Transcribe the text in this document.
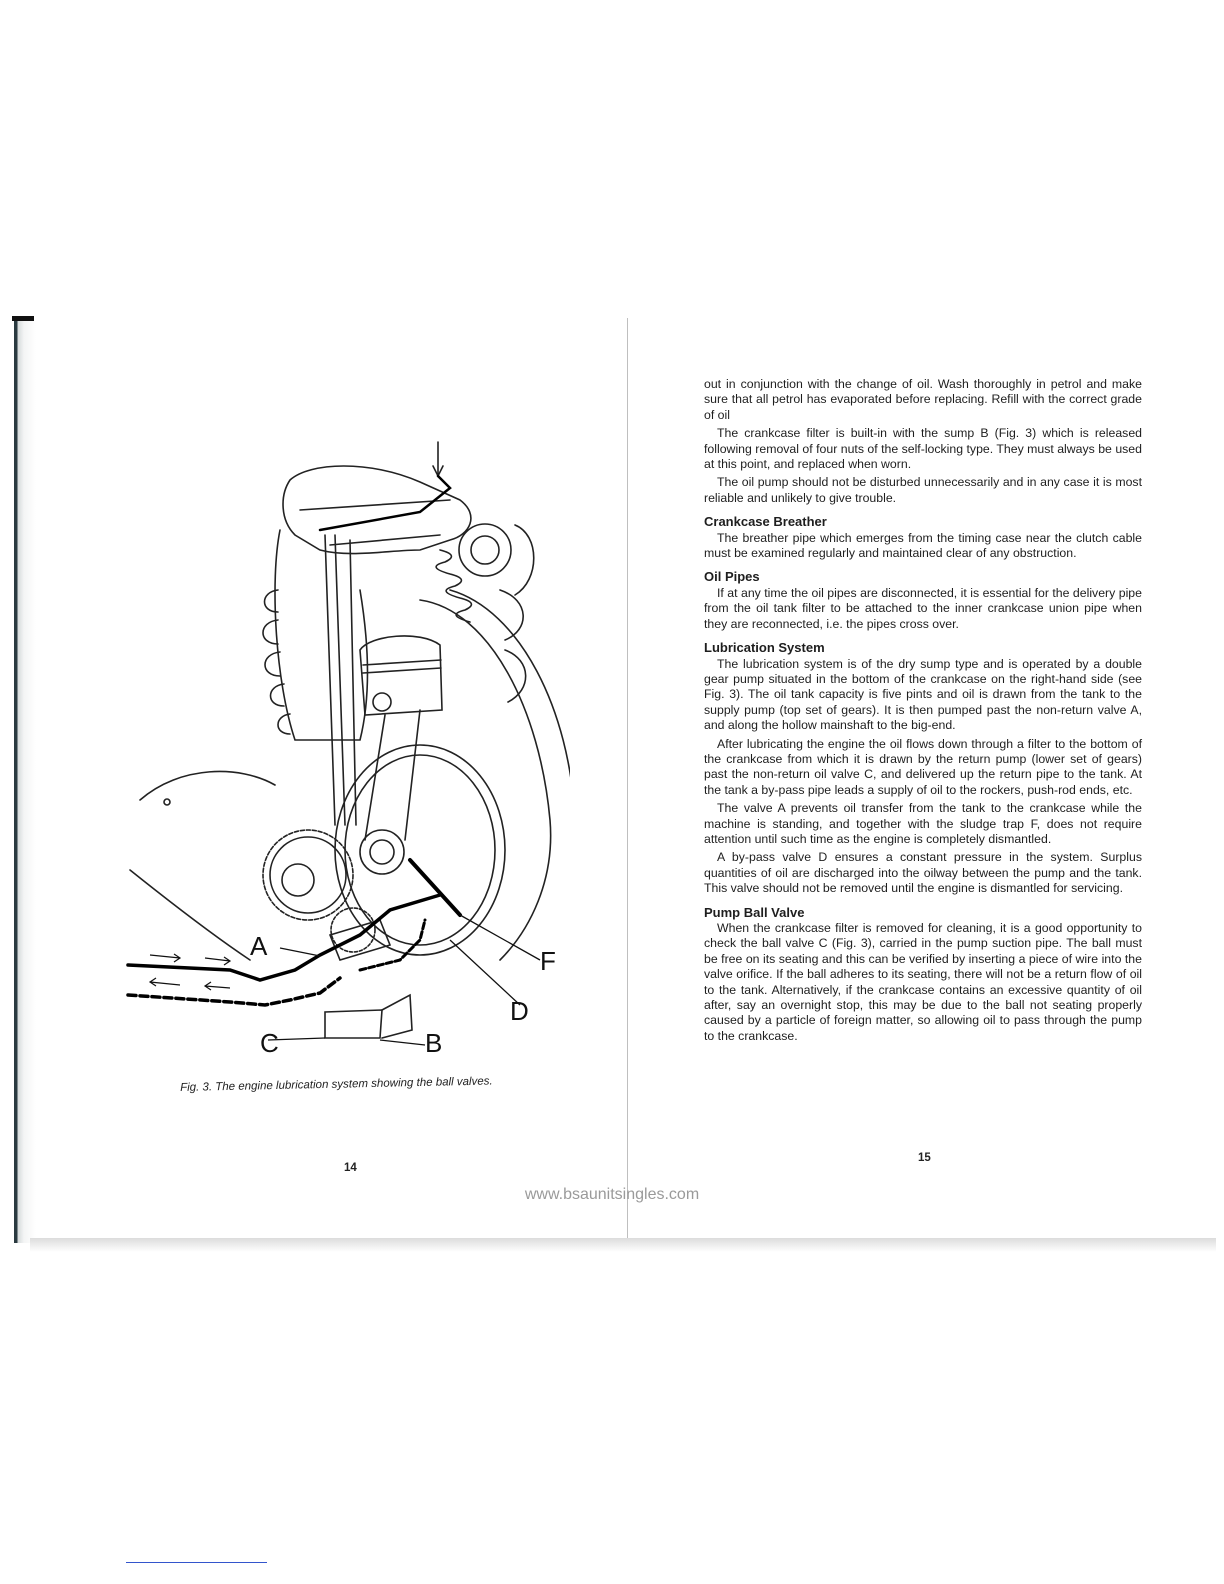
A	F
D
C	B
Fig. 3. The engine lubrication system showing the ball valves.
14

out in conjunction with the change of oil. Wash thoroughly in petrol and make sure that all petrol has evaporated before replacing. Refill with the correct grade of oil

The crankcase filter is built-in with the sump B (Fig. 3) which is released following removal of four nuts of the self-locking type. They must always be used at this point, and replaced when worn.

The oil pump should not be disturbed unnecessarily and in any case it is most reliable and unlikely to give trouble.

Crankcase Breather

The breather pipe which emerges from the timing case near the clutch cable must be examined regularly and maintained clear of any obstruction.

Oil Pipes

If at any time the oil pipes are disconnected, it is essential for the delivery pipe from the oil tank filter to be attached to the inner crankcase union pipe when they are reconnected, i.e. the pipes cross over.

Lubrication System

The lubrication system is of the dry sump type and is operated by a double gear pump situated in the bottom of the crankcase on the right-hand side (see Fig. 3). The oil tank capacity is five pints and oil is drawn from the tank to the supply pump (top set of gears). It is then pumped past the non-return valve A, and along the hollow mainshaft to the big-end.

After lubricating the engine the oil flows down through a filter to the bottom of the crankcase from which it is drawn by the return pump (lower set of gears) past the non-return oil valve C, and delivered up the return pipe to the tank. At the tank a by-pass pipe leads a supply of oil to the rockers, push-rod ends, etc.

The valve A prevents oil transfer from the tank to the crankcase while the machine is standing, and together with the sludge trap F, does not require attention until such time as the engine is completely dismantled.

A by-pass valve D ensures a constant pressure in the system. Surplus quantities of oil are discharged into the oilway between the pump and the tank. This valve should not be removed until the engine is dismantled for servicing.

Pump Ball Valve

When the crankcase filter is removed for cleaning, it is a good opportunity to check the ball valve C (Fig. 3), carried in the pump suction pipe. The ball must be free on its seating and this can be verified by inserting a piece of wire into the valve orifice. If the ball adheres to its seating, there will not be a return flow of oil to the tank. Alternatively, if the crankcase contains an excessive quantity of oil after, say an overnight stop, this may be due to the ball not seating properly caused by a particle of foreign matter, so allowing oil to pass through the pump to the crankcase.

15
www.bsaunitsingles.com
